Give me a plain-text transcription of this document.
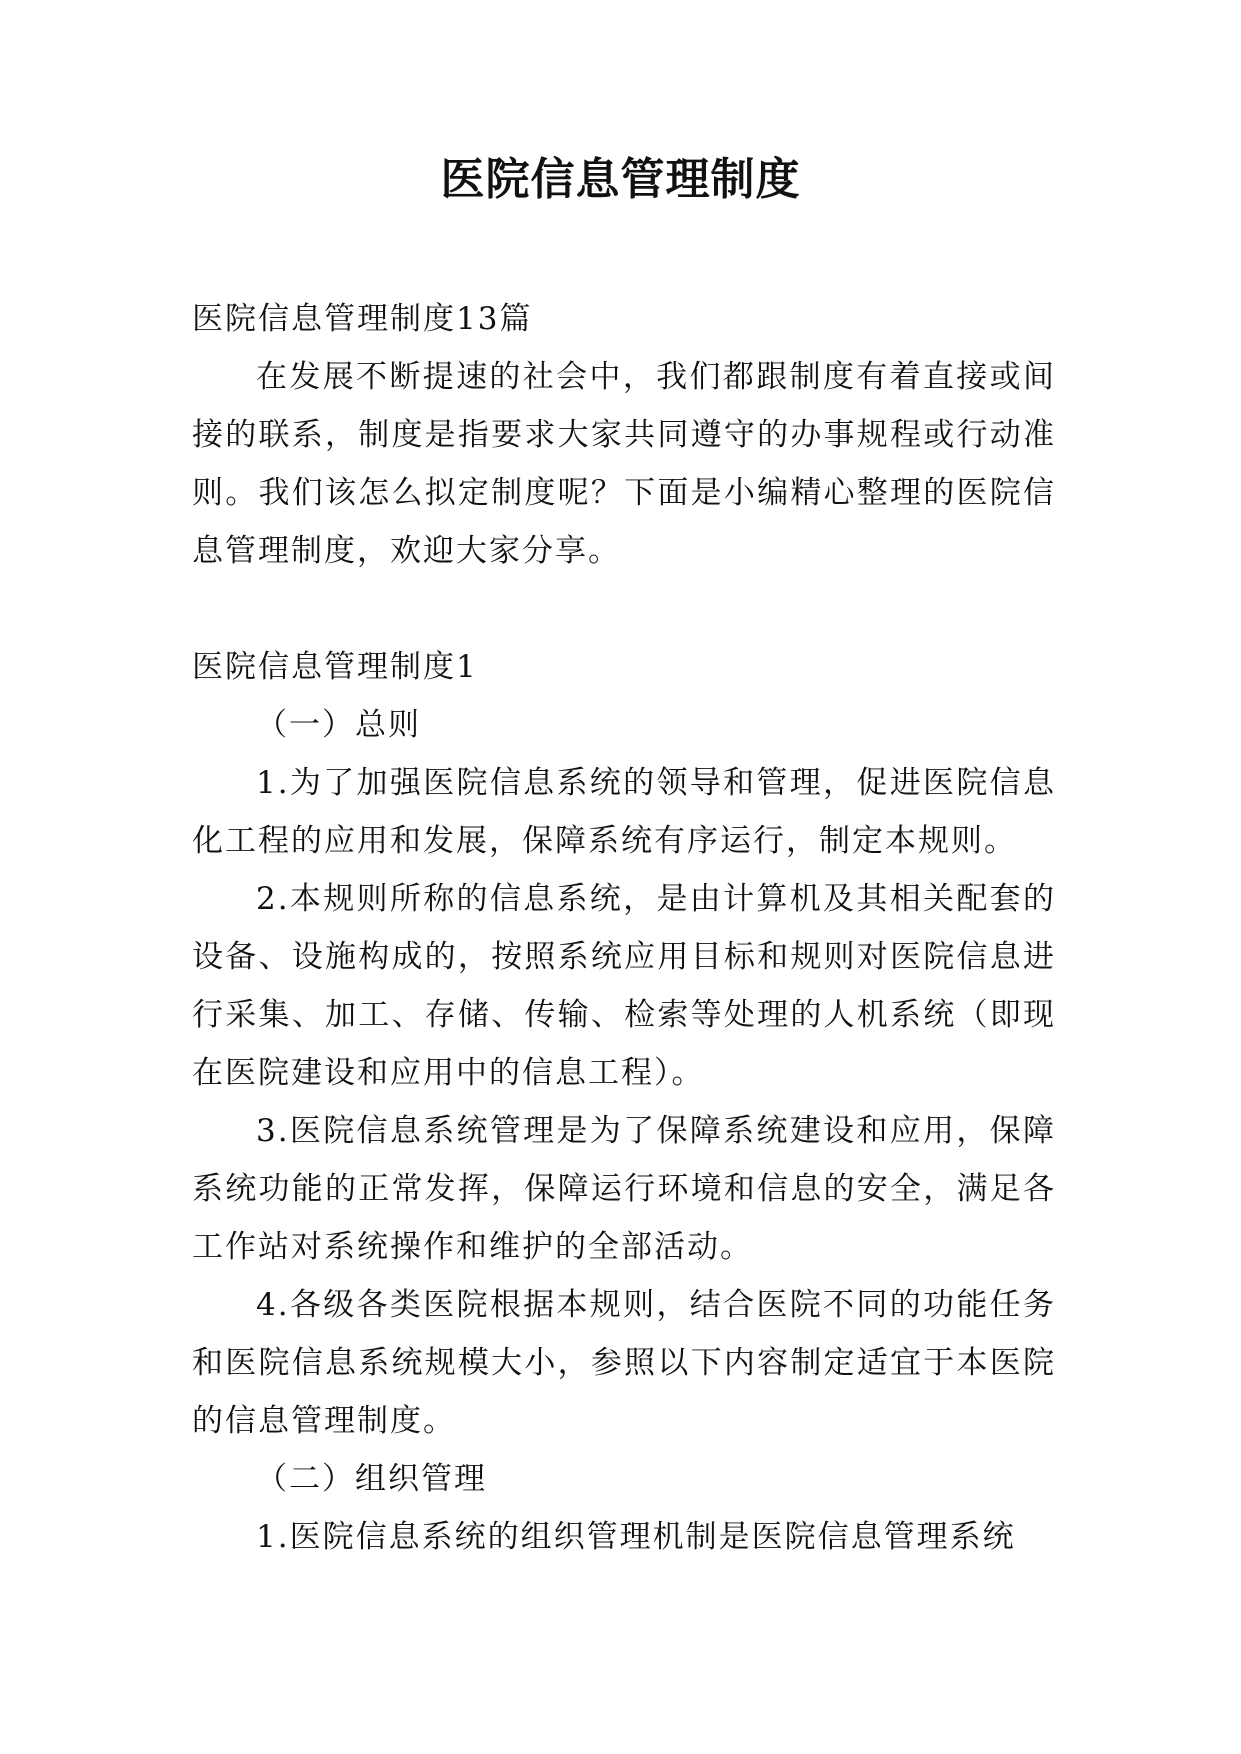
医院信息管理制度

医院信息管理制度13篇

在发展不断提速的社会中，我们都跟制度有着直接或间接的联系，制度是指要求大家共同遵守的办事规程或行动准则。我们该怎么拟定制度呢？下面是小编精心整理的医院信息管理制度，欢迎大家分享。

医院信息管理制度1

（一）总则

1.为了加强医院信息系统的领导和管理，促进医院信息化工程的应用和发展，保障系统有序运行，制定本规则。

2.本规则所称的信息系统，是由计算机及其相关配套的设备、设施构成的，按照系统应用目标和规则对医院信息进行采集、加工、存储、传输、检索等处理的人机系统（即现在医院建设和应用中的信息工程）。

3.医院信息系统管理是为了保障系统建设和应用，保障系统功能的正常发挥，保障运行环境和信息的安全，满足各工作站对系统操作和维护的全部活动。

4.各级各类医院根据本规则，结合医院不同的功能任务和医院信息系统规模大小，参照以下内容制定适宜于本医院的信息管理制度。

（二）组织管理

1.医院信息系统的组织管理机制是医院信息管理系统
